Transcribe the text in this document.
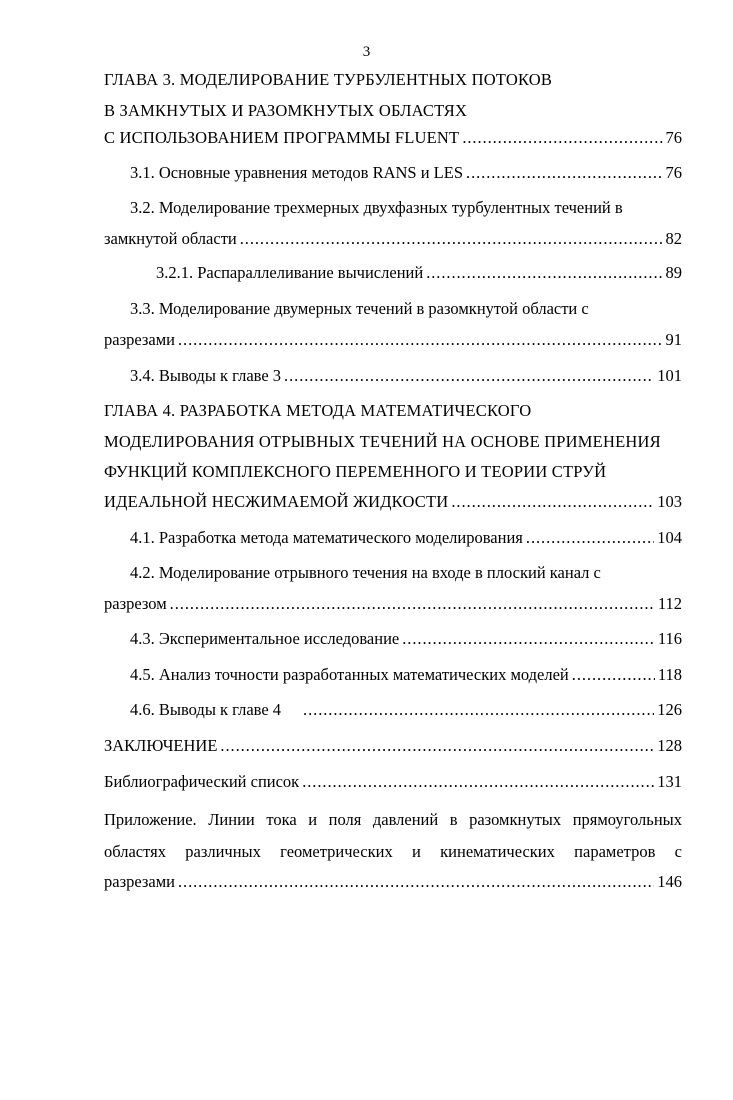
3
ГЛАВА 3. МОДЕЛИРОВАНИЕ ТУРБУЛЕНТНЫХ ПОТОКОВ
В ЗАМКНУТЫХ И РАЗОМКНУТЫХ ОБЛАСТЯХ
С ИСПОЛЬЗОВАНИЕМ ПРОГРАММЫ FLUENT . . .	76
3.1. Основные уравнения методов RANS и LES . . .	76
3.2. Моделирование трехмерных двухфазных турбулентных течений в
замкнутой области . . .	82
3.2.1. Распараллеливание вычислений . . .	89
3.3. Моделирование двумерных течений в разомкнутой области с
разрезами . . .	91
3.4. Выводы к главе 3 . . .	101
ГЛАВА 4. РАЗРАБОТКА МЕТОДА МАТЕМАТИЧЕСКОГО
МОДЕЛИРОВАНИЯ ОТРЫВНЫХ ТЕЧЕНИЙ НА ОСНОВЕ ПРИМЕНЕНИЯ
ФУНКЦИЙ КОМПЛЕКСНОГО ПЕРЕМЕННОГО И ТЕОРИИ СТРУЙ
ИДЕАЛЬНОЙ НЕСЖИМАЕМОЙ ЖИДКОСТИ . . .	103
4.1. Разработка метода математического моделирования . . .	104
4.2. Моделирование отрывного течения на входе в плоский канал с
разрезом . . .	112
4.3. Экспериментальное исследование . . .	116
4.5. Анализ точности разработанных математических моделей . . .	118
4.6. Выводы к главе 4 . . .	126
ЗАКЛЮЧЕНИЕ . . .	128
Библиографический список . . .	131
Приложение. Линии тока и поля давлений в разомкнутых прямоугольных
областях различных геометрических и кинематических параметров с
разрезами . . .	146
